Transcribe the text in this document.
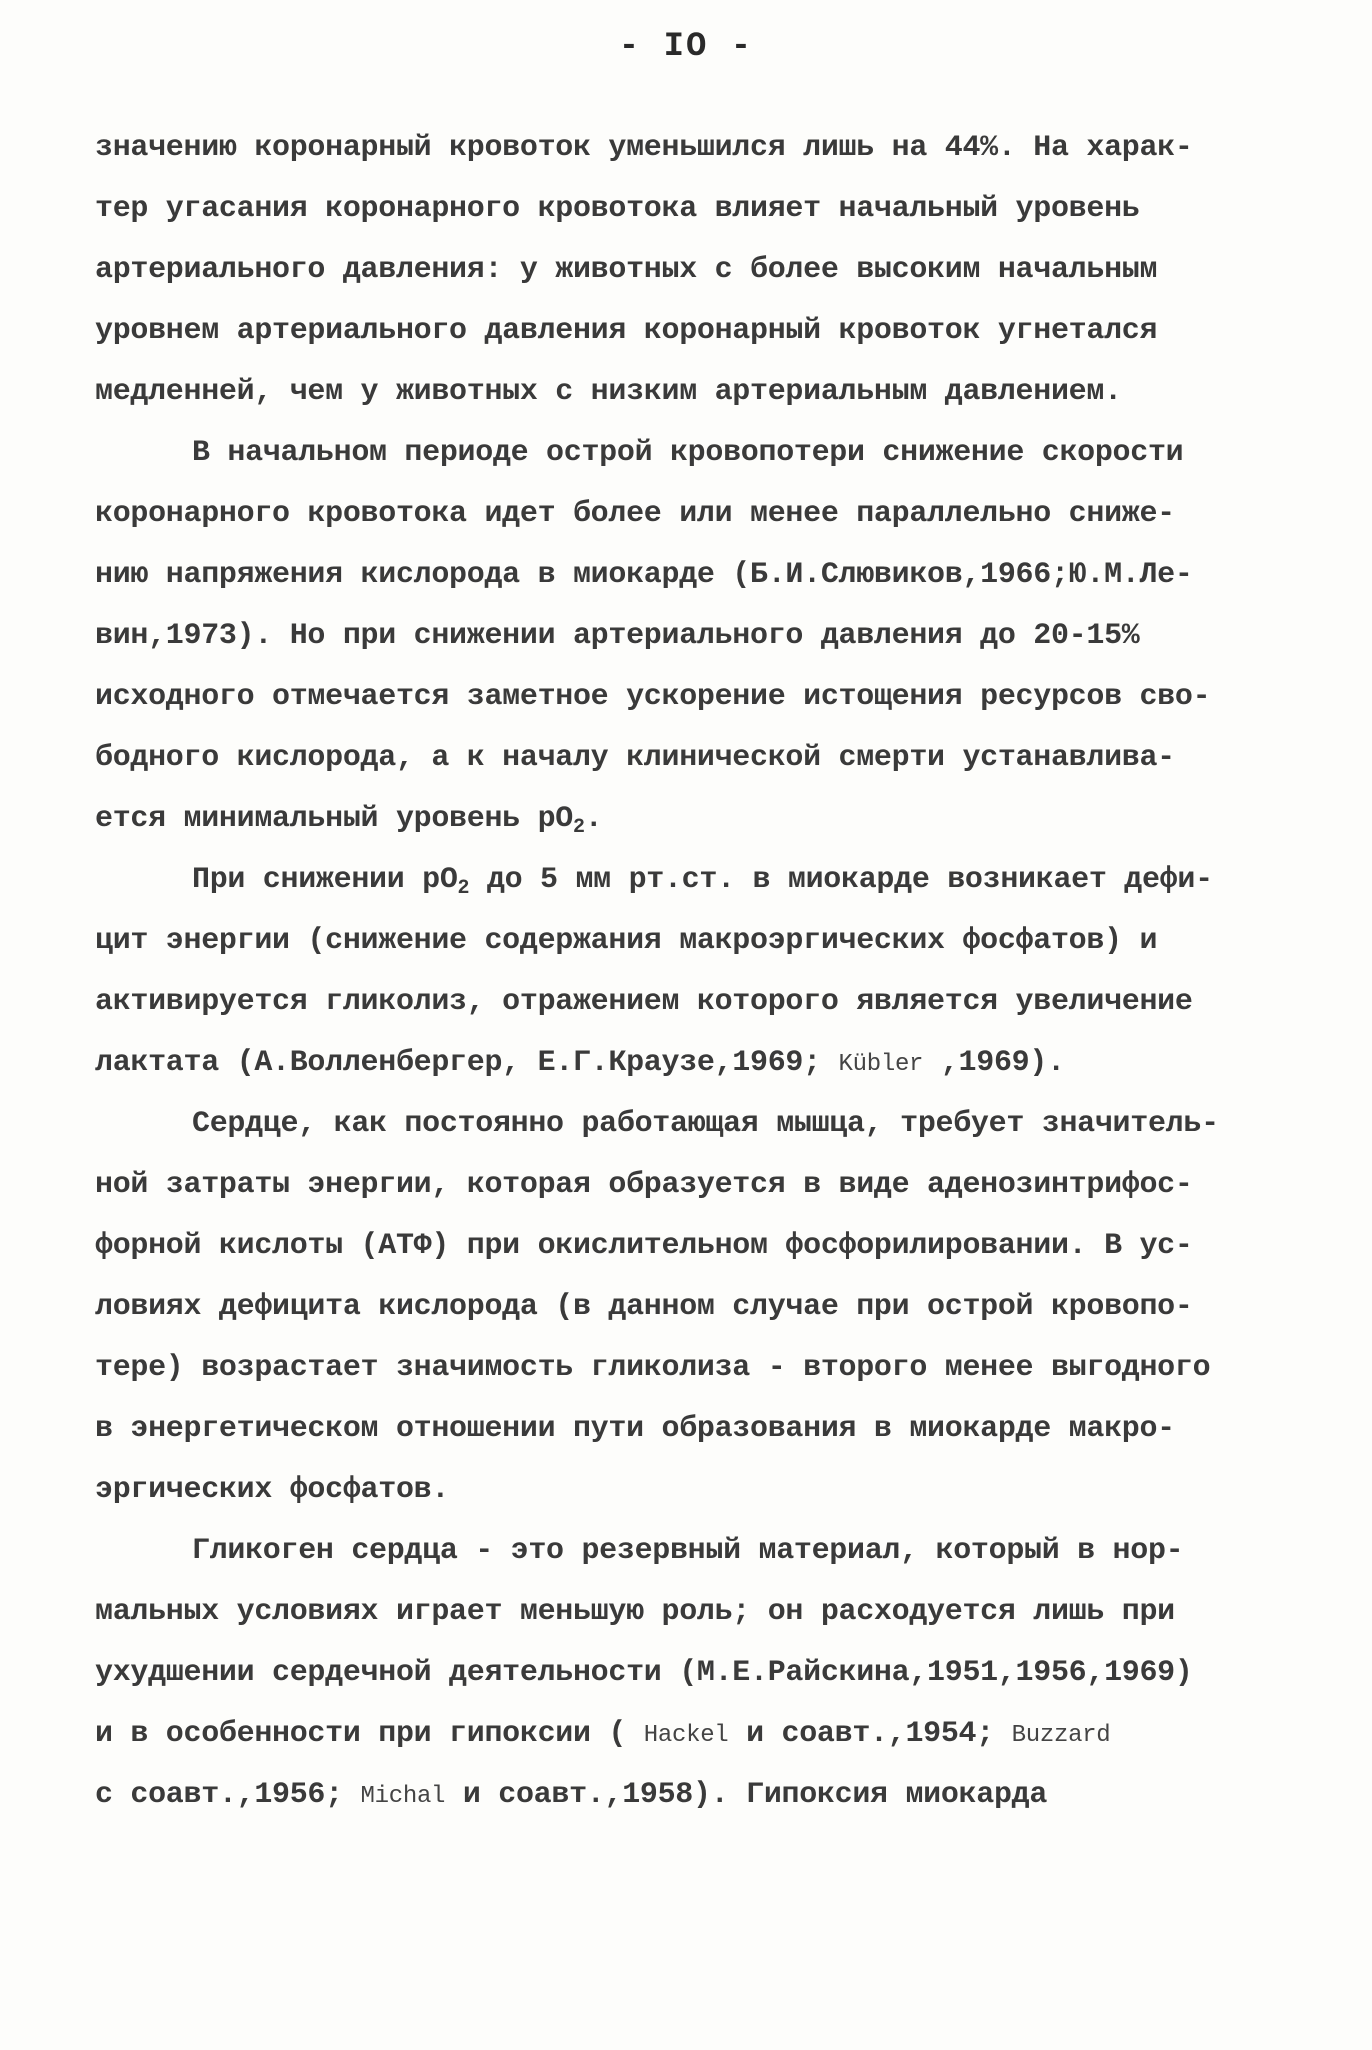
- IO -
значению коронарный кровоток уменьшился лишь на 44%. На харак-
тер угасания коронарного кровотока влияет начальный уровень
артериального давления: у животных с более высоким начальным
уровнем артериального давления коронарный кровоток угнетался
медленней, чем у животных с низким артериальным давлением.
В начальном периоде острой кровопотери снижение скорости
коронарного кровотока идет более или менее параллельно сниже-
нию напряжения кислорода в миокарде (Б.И.Слювиков,1966;Ю.М.Ле-
вин,1973). Но при снижении артериального давления до 20-15%
исходного отмечается заметное ускорение истощения ресурсов сво-
бодного кислорода, а к началу клинической смерти устанавлива-
ется минимальный уровень $pO_2$.
При снижении $pO_2$ до 5 мм рт.ст. в миокарде возникает дефи-
цит энергии (снижение содержания макроэргических фосфатов) и
активируется гликолиз, отражением которого является увеличение
лактата (А.Волленбергер, Е.Г.Краузе,1969; Kübler ,1969).
Сердце, как постоянно работающая мышца, требует значитель-
ной затраты энергии, которая образуется в виде аденозинтрифос-
форной кислоты (АТФ) при окислительном фосфорилировании. В ус-
ловиях дефицита кислорода (в данном случае при острой кровопо-
тере) возрастает значимость гликолиза - второго менее выгодного
в энергетическом отношении пути образования в миокарде макро-
эргических фосфатов.
Гликоген сердца - это резервный материал, который в нор-
мальных условиях играет меньшую роль; он расходуется лишь при
ухудшении сердечной деятельности (М.Е.Райскина,1951,1956,1969)
и в особенности при гипоксии ( Hackel и соавт.,1954; Buzzard
с соавт.,1956; Michal и соавт.,1958). Гипоксия миокарда
